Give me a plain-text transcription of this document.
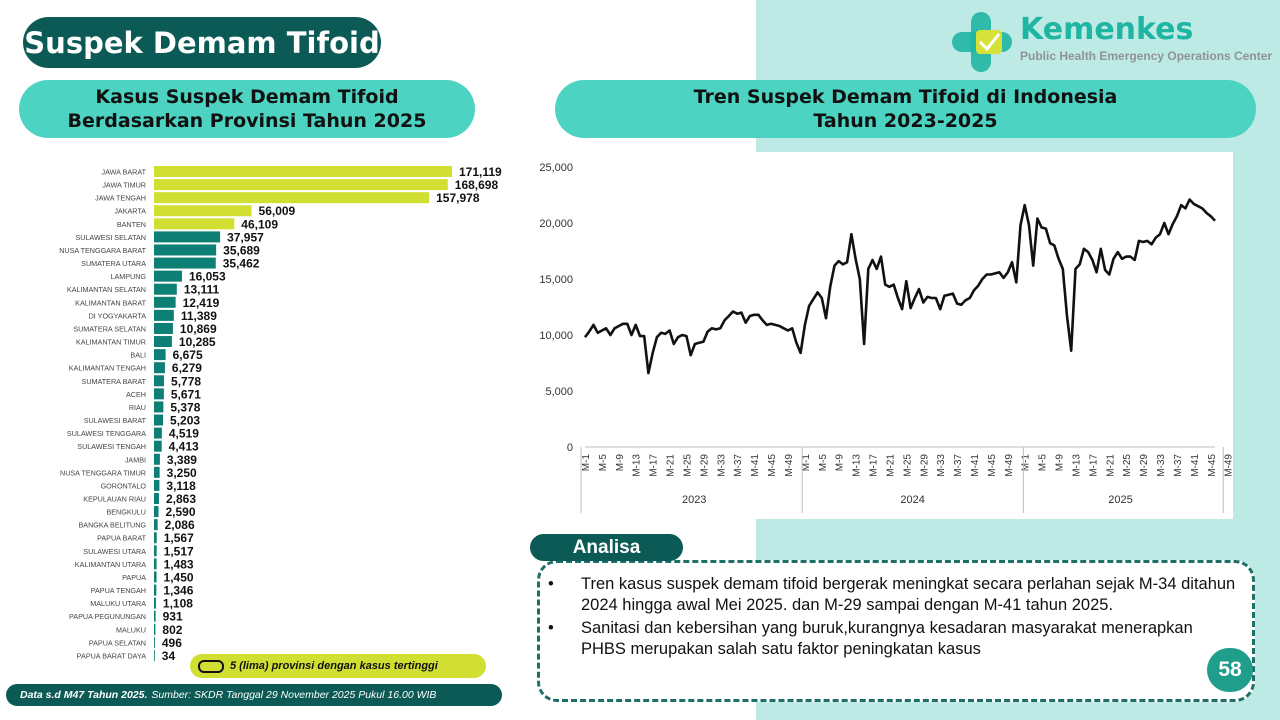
Suspek Demam Tifoid	Kemenkes
Public Health Emergency Operations Center
Kasus Suspek Demam Tifoid
Berdasarkan Provinsi Tahun 2025
Tren Suspek Demam Tifoid di Indonesia
Tahun 2023-2025
JAWA BARAT	171,119
JAWA TIMUR	168,698
JAWA TENGAH	157,978
JAKARTA	56,009
BANTEN	46,109
SULAWESI SELATAN	37,957
NUSA TENGGARA BARAT	35,689
SUMATERA UTARA	35,462
LAMPUNG	16,053
KALIMANTAN SELATAN	13,111
KALIMANTAN BARAT	12,419
DI YOGYAKARTA	11,389
SUMATERA SELATAN	10,869
KALIMANTAN TIMUR	10,285
BALI 6,675
KALIMANTAN TENGAH 6,279
SUMATERA BARAT 5,778
ACEH 5,671
RIAU 5,378
SULAWESI BARAT 5,203
SULAWESI TENGGARA 4,519
SULAWESI TENGAH 4,413
JAMBI 3,389
NUSA TENGGARA TIMUR 3,250
GORONTALO 3,118
KEPULAUAN RIAU 2,863
BENGKULU 2,590
BANGKA BELITUNG 2,086
PAPUA BARAT 1,567
SULAWESI UTARA 1,517
KALIMANTAN UTARA 1,483
PAPUA 1,450
PAPUA TENGAH 1,346
MALUKU UTARA 1,108
PAPUA PEGUNUNGAN 931
MALUKU 802
PAPUA SELATAN 496
PAPUA BARAT DAYA 34
0
5,000
10,000
15,000
20,000
25,000
M-1 M-5 M-9 M-13 M-17 M-21 M-25 M-29 M-33 M-37 M-41 M-45 M-49 M-1 M-5 M-9 M-13 M-17 M-21 M-25 M-29 M-33 M-37 M-41 M-45 M-49 M-1 M-5 M-9 M-13 M-17 M-21 M-25 M-29 M-33 M-37 M-41 M-45 M-49
2023	2024	2025
5 (lima) provinsi dengan kasus tertinggi
Data s.d M47 Tahun 2025. Sumber: SKDR Tanggal 29 November 2025 Pukul 16.00 WIB
Analisa
• Tren kasus suspek demam tifoid bergerak meningkat secara perlahan sejak M-34 ditahun 2024 hingga awal Mei 2025. dan M-29 sampai dengan M-41 tahun 2025.
• Sanitasi dan kebersihan yang buruk,kurangnya kesadaran masyarakat menerapkan PHBS merupakan salah satu faktor peningkatan kasus
58
